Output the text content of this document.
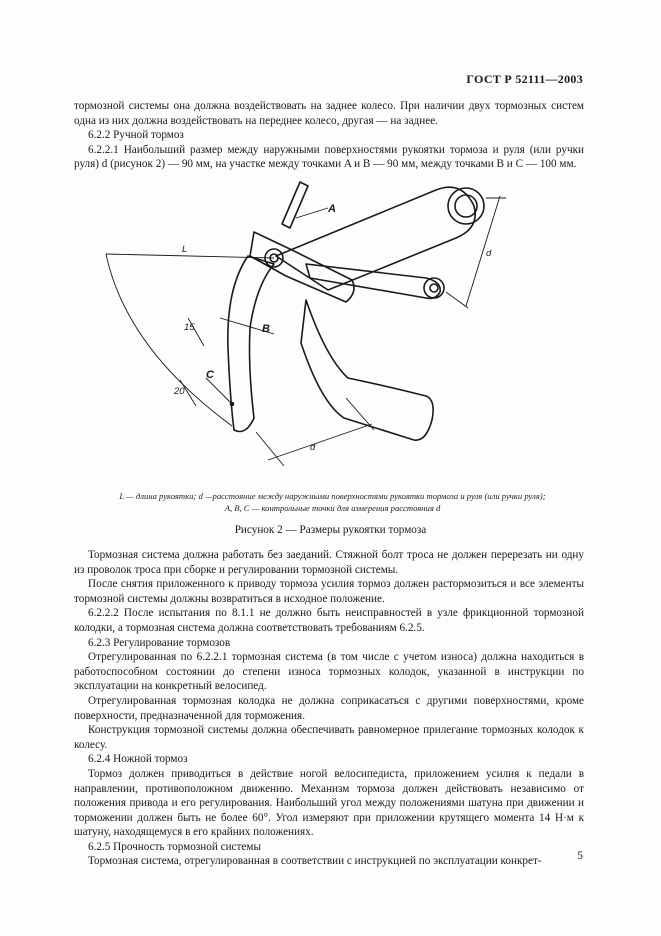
ГОСТ Р 52111—2003

тормозной системы она должна воздействовать на заднее колесо. При наличии двух тормозных систем одна из них должна воздействовать на переднее колесо, другая — на заднее.

6.2.2 Ручной тормоз

6.2.2.1 Наибольший размер между наружными поверхностями рукоятки тормоза и руля (или ручки руля) d (рисунок 2) — 90 мм, на участке между точками A и B — 90 мм, между точками B и C — 100 мм.

A
B
C
L	d
d
15
20
L — длина рукоятки; d —расстояние между наружными поверхностями рукоятки тормоза и руля (или ручки руля);
A, B, C — контрольные точки для измерения расстояния d
Рисунок 2 — Размеры рукоятки тормоза

Тормозная система должна работать без заеданий. Стяжной болт троса не должен перерезать ни одну из проволок троса при сборке и регулировании тормозной системы.

После снятия приложенного к приводу тормоза усилия тормоз должен растормозиться и все элементы тормозной системы должны возвратиться в исходное положение.

6.2.2.2 После испытания по 8.1.1 не должно быть неисправностей в узле фрикционной тормозной колодки, а тормозная система должна соответствовать требованиям 6.2.5.

6.2.3 Регулирование тормозов

Отрегулированная по 6.2.2.1 тормозная система (в том числе с учетом износа) должна находиться в работоспособном состоянии до степени износа тормозных колодок, указанной в инструкции по эксплуатации на конкретный велосипед.

Отрегулированная тормозная колодка не должна соприкасаться с другими поверхностями, кроме поверхности, предназначенной для торможения.

Конструкция тормозной системы должна обеспечивать равномерное прилегание тормозных колодок к колесу.

6.2.4 Ножной тормоз

Тормоз должен приводиться в действие ногой велосипедиста, приложением усилия к педали в направлении, противоположном движению. Механизм тормоза должен действовать независимо от положения привода и его регулирования. Наибольший угол между положениями шатуна при движении и торможении должен быть не более 60°. Угол измеряют при приложении крутящего момента 14 Н·м к шатуну, находящемуся в его крайних положениях.

6.2.5 Прочность тормозной системы

Тормозная система, отрегулированная в соответствии с инструкцией по эксплуатации конкрет-	5
